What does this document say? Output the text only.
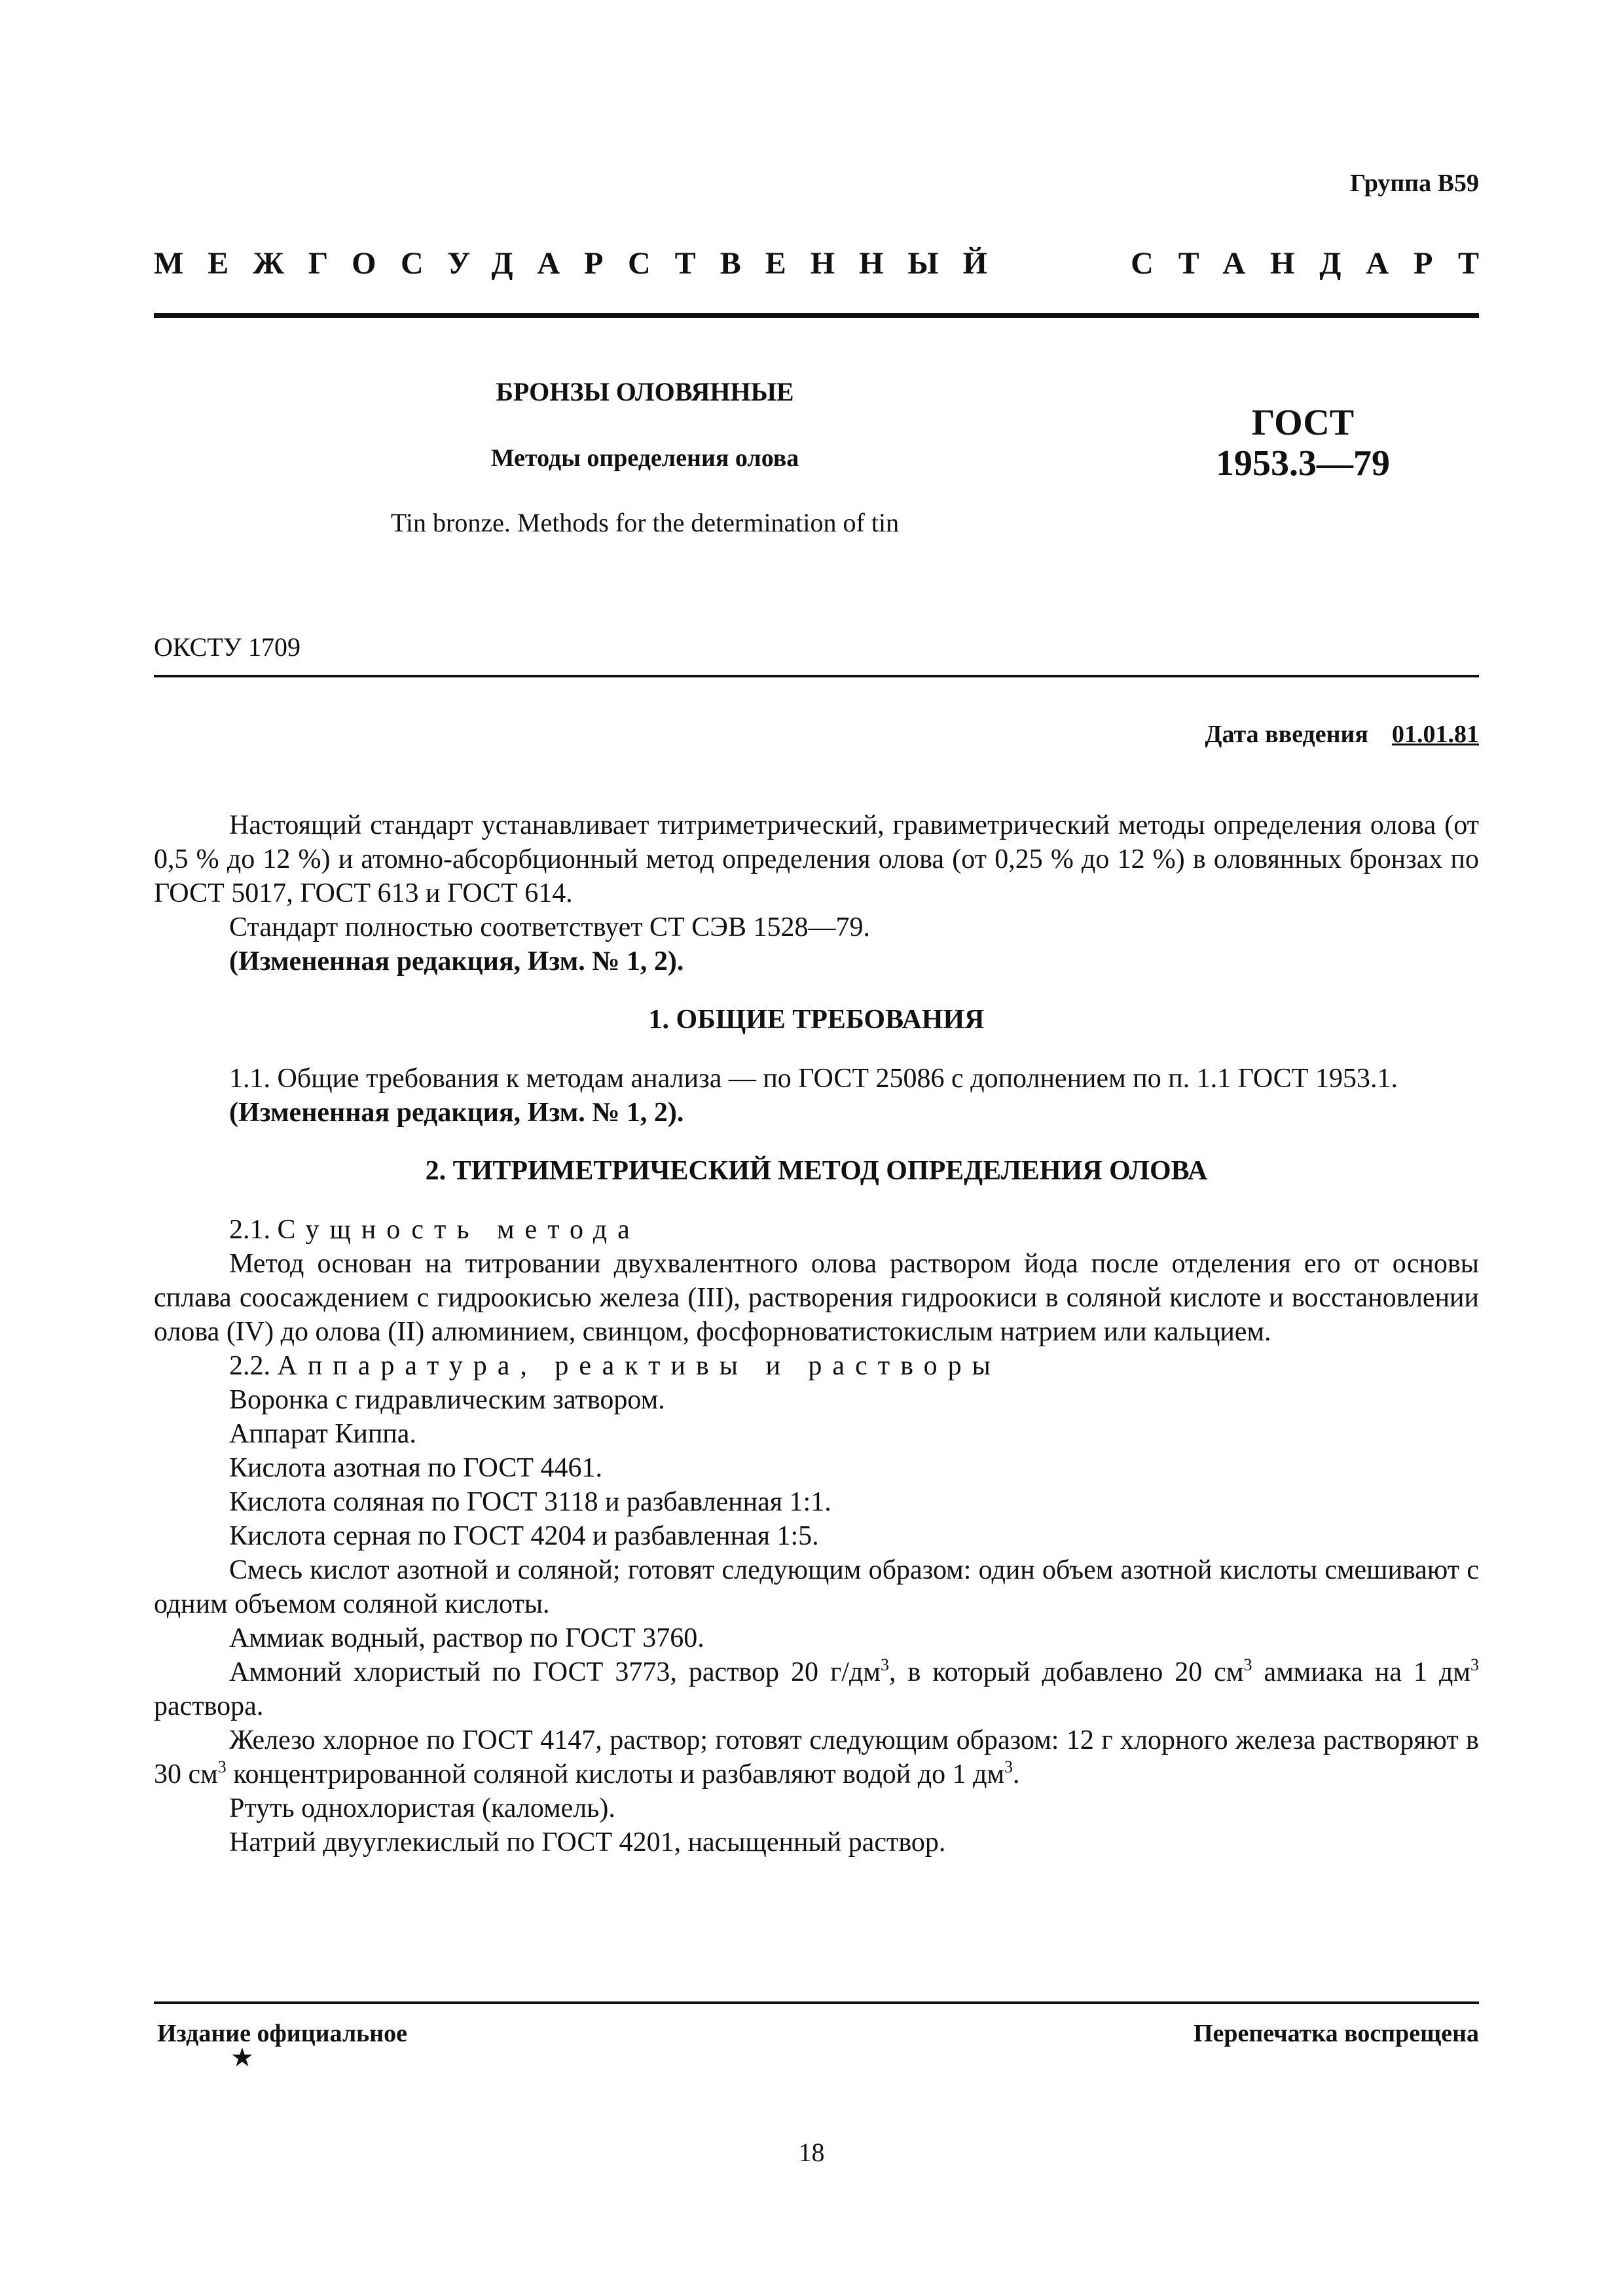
Группа В59
МЕЖГОСУДАРСТВЕННЫЙ	СТАНДАРТ
БРОНЗЫ ОЛОВЯННЫЕ
Методы определения олова
Tin bronze. Methods for the determination of tin
ГОСТ
1953.3—79
ОКСТУ 1709
Дата введения 01.01.81

Настоящий стандарт устанавливает титриметрический, гравиметрический методы определения олова (от 0,5 % до 12 %) и атомно-абсорбционный метод определения олова (от 0,25 % до 12 %) в оловянных бронзах по ГОСТ 5017, ГОСТ 613 и ГОСТ 614.

Стандарт полностью соответствует СТ СЭВ 1528—79.

(Измененная редакция, Изм. № 1, 2).

1. ОБЩИЕ ТРЕБОВАНИЯ

1.1. Общие требования к методам анализа — по ГОСТ 25086 с дополнением по п. 1.1 ГОСТ 1953.1.

(Измененная редакция, Изм. № 1, 2).

2. ТИТРИМЕТРИЧЕСКИЙ МЕТОД ОПРЕДЕЛЕНИЯ ОЛОВА

2.1. Сущность метода

Метод основан на титровании двухвалентного олова раствором йода после отделения его от основы сплава соосаждением с гидроокисью железа (III), растворения гидроокиси в соляной кислоте и восстановлении олова (IV) до олова (II) алюминием, свинцом, фосфорноватистокислым натрием или кальцием.

2.2. Аппаратура, реактивы и растворы

Воронка с гидравлическим затвором.

Аппарат Киппа.

Кислота азотная по ГОСТ 4461.

Кислота соляная по ГОСТ 3118 и разбавленная 1:1.

Кислота серная по ГОСТ 4204 и разбавленная 1:5.

Смесь кислот азотной и соляной; готовят следующим образом: один объем азотной кислоты смешивают с одним объемом соляной кислоты.

Аммиак водный, раствор по ГОСТ 3760.

Аммоний хлористый по ГОСТ 3773, раствор 20 $г/дм^3$, в который добавлено 20 $см^3$ аммиака на 1 $дм^3$ раствора.

Железо хлорное по ГОСТ 4147, раствор; готовят следующим образом: 12 г хлорного железа растворяют в 30 $см^3$ концентрированной соляной кислоты и разбавляют водой до 1 $дм^3$.

Ртуть однохлористая (каломель).

Натрий двууглекислый по ГОСТ 4201, насыщенный раствор.

Издание официальное
★
Перепечатка воспрещена
18
